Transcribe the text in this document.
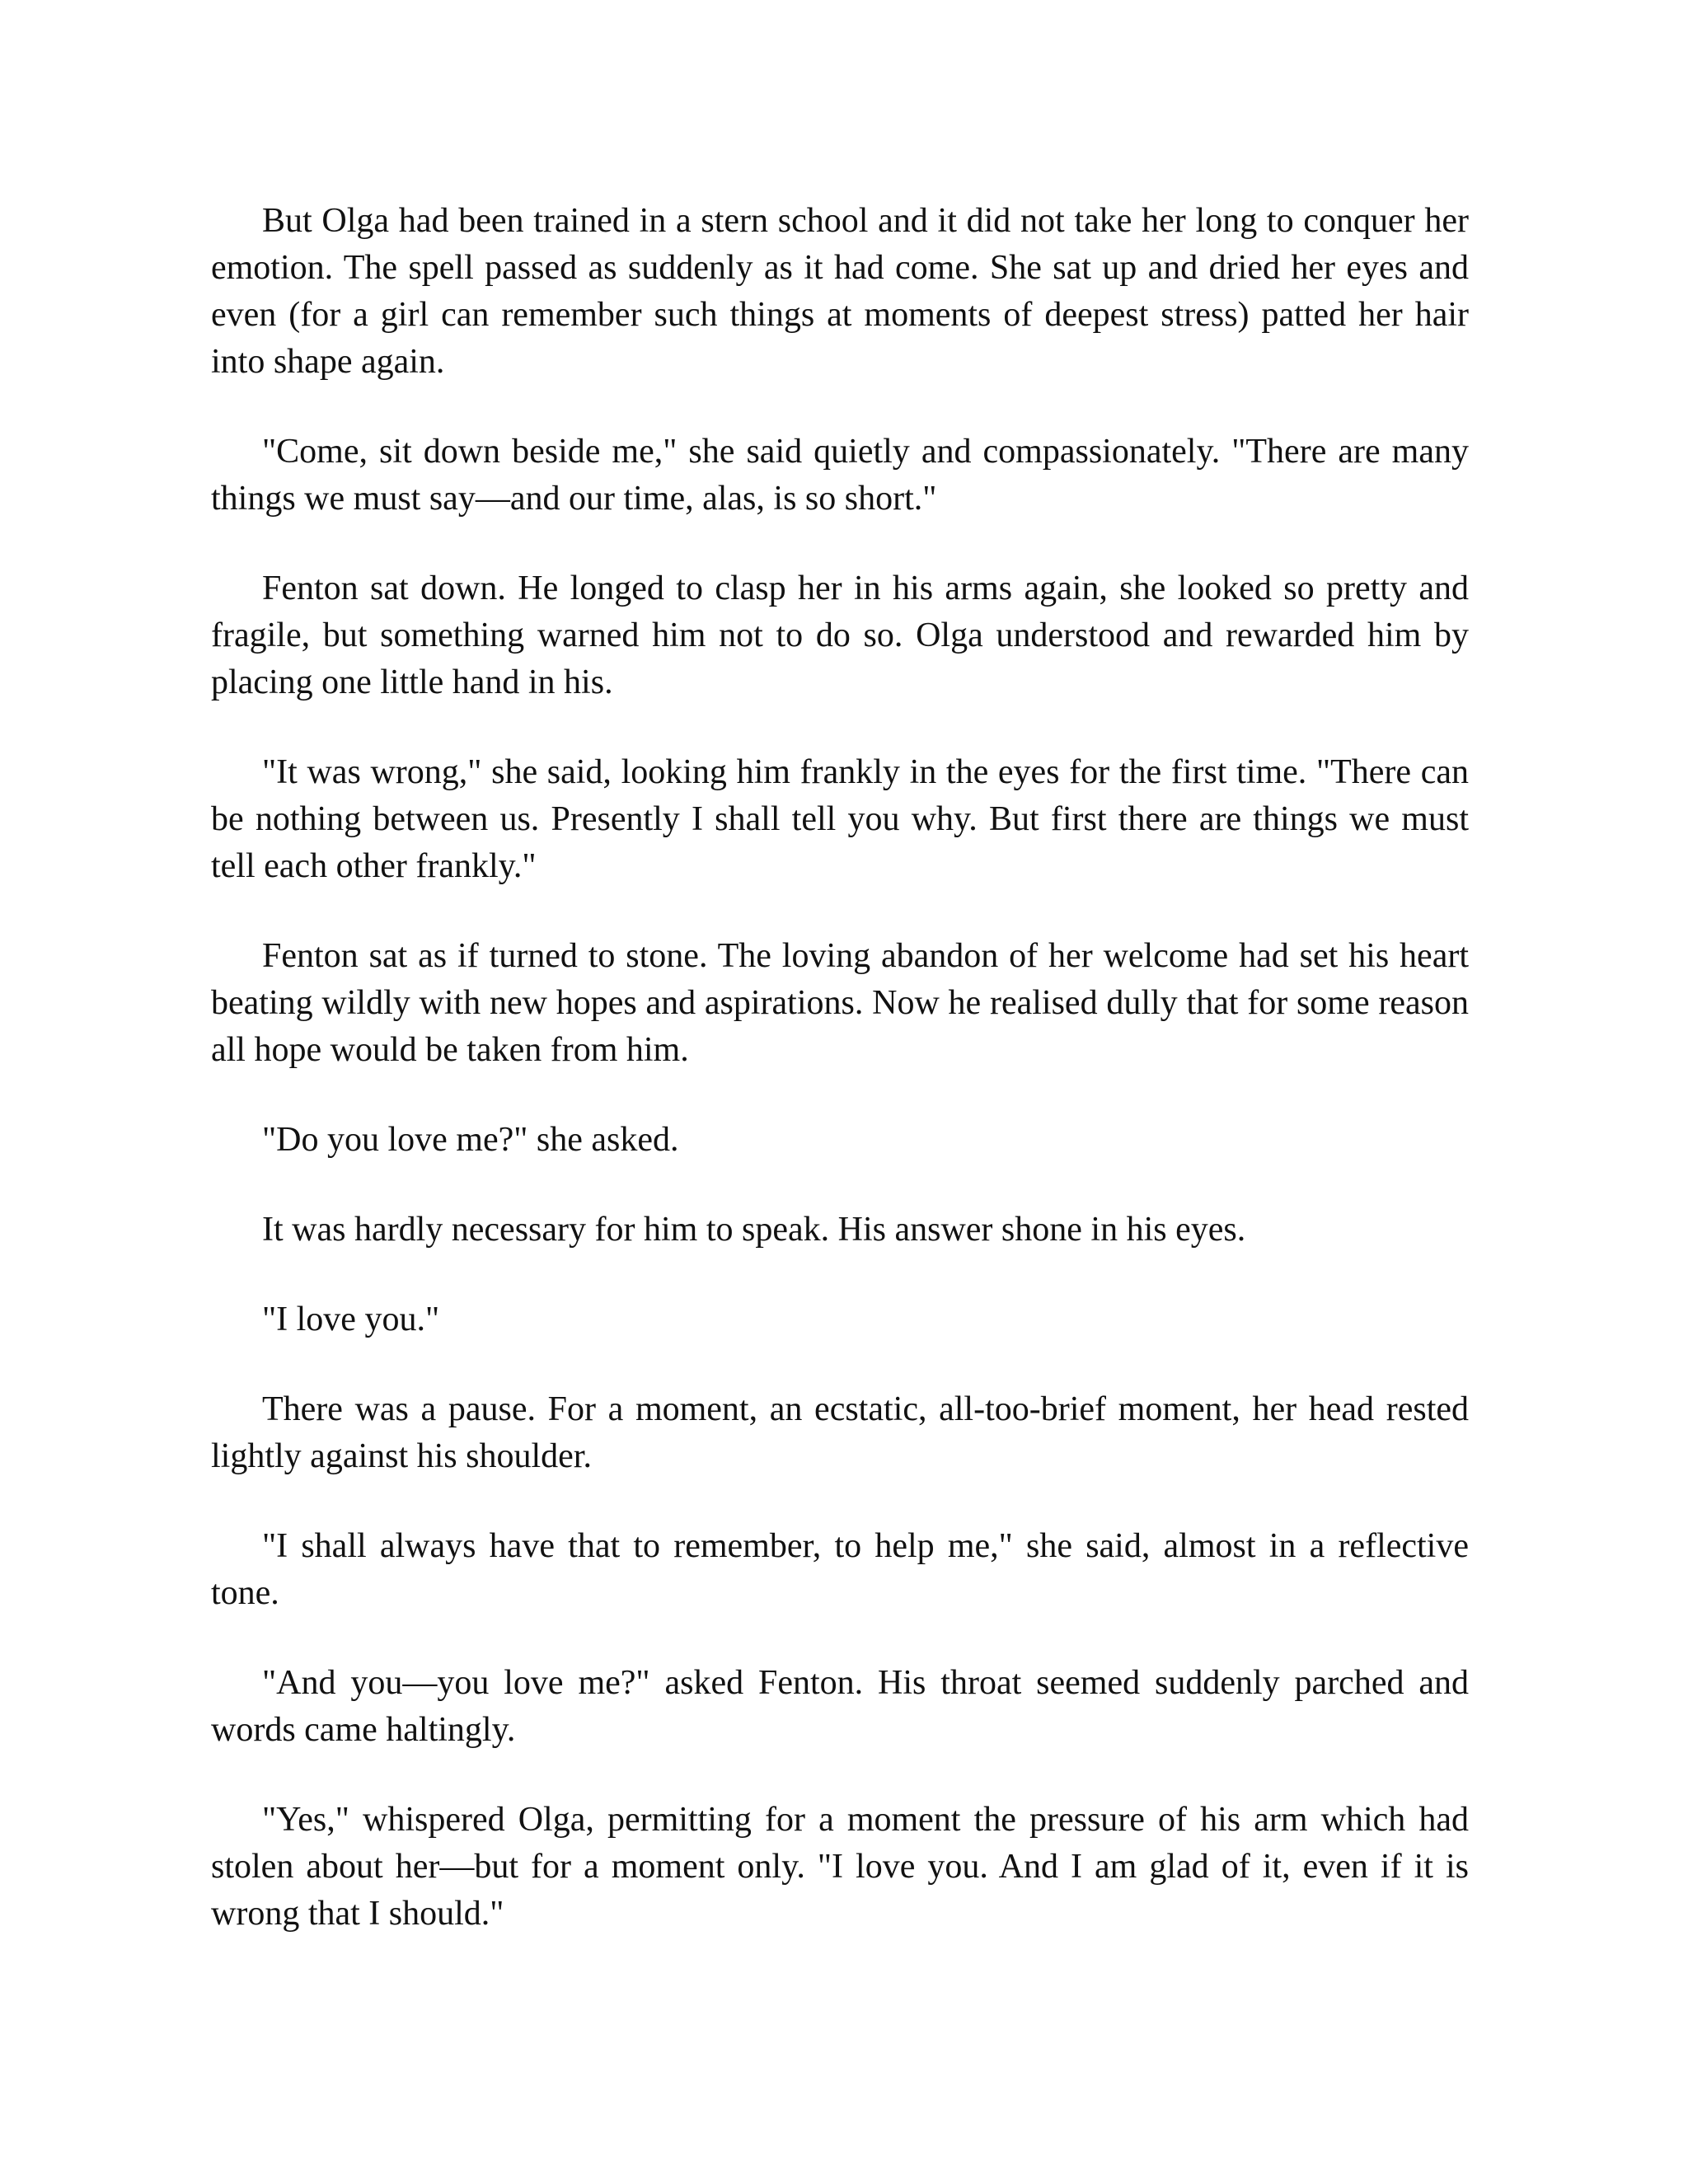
But Olga had been trained in a stern school and it did not take her long to conquer her emotion. The spell passed as suddenly as it had come. She sat up and dried her eyes and even (for a girl can remember such things at moments of deepest stress) patted her hair into shape again.

"Come, sit down beside me," she said quietly and compassionately. "There are many things we must say—and our time, alas, is so short."

Fenton sat down. He longed to clasp her in his arms again, she looked so pretty and fragile, but something warned him not to do so. Olga understood and rewarded him by placing one little hand in his.

"It was wrong," she said, looking him frankly in the eyes for the first time. "There can be nothing between us. Presently I shall tell you why. But first there are things we must tell each other frankly."

Fenton sat as if turned to stone. The loving abandon of her welcome had set his heart beating wildly with new hopes and aspirations. Now he realised dully that for some reason all hope would be taken from him.

"Do you love me?" she asked.

It was hardly necessary for him to speak. His answer shone in his eyes.

"I love you."

There was a pause. For a moment, an ecstatic, all-too-brief moment, her head rested lightly against his shoulder.

"I shall always have that to remember, to help me," she said, almost in a reflective tone.

"And you—you love me?" asked Fenton. His throat seemed suddenly parched and words came haltingly.

"Yes," whispered Olga, permitting for a moment the pressure of his arm which had stolen about her—but for a moment only. "I love you. And I am glad of it, even if it is wrong that I should."
